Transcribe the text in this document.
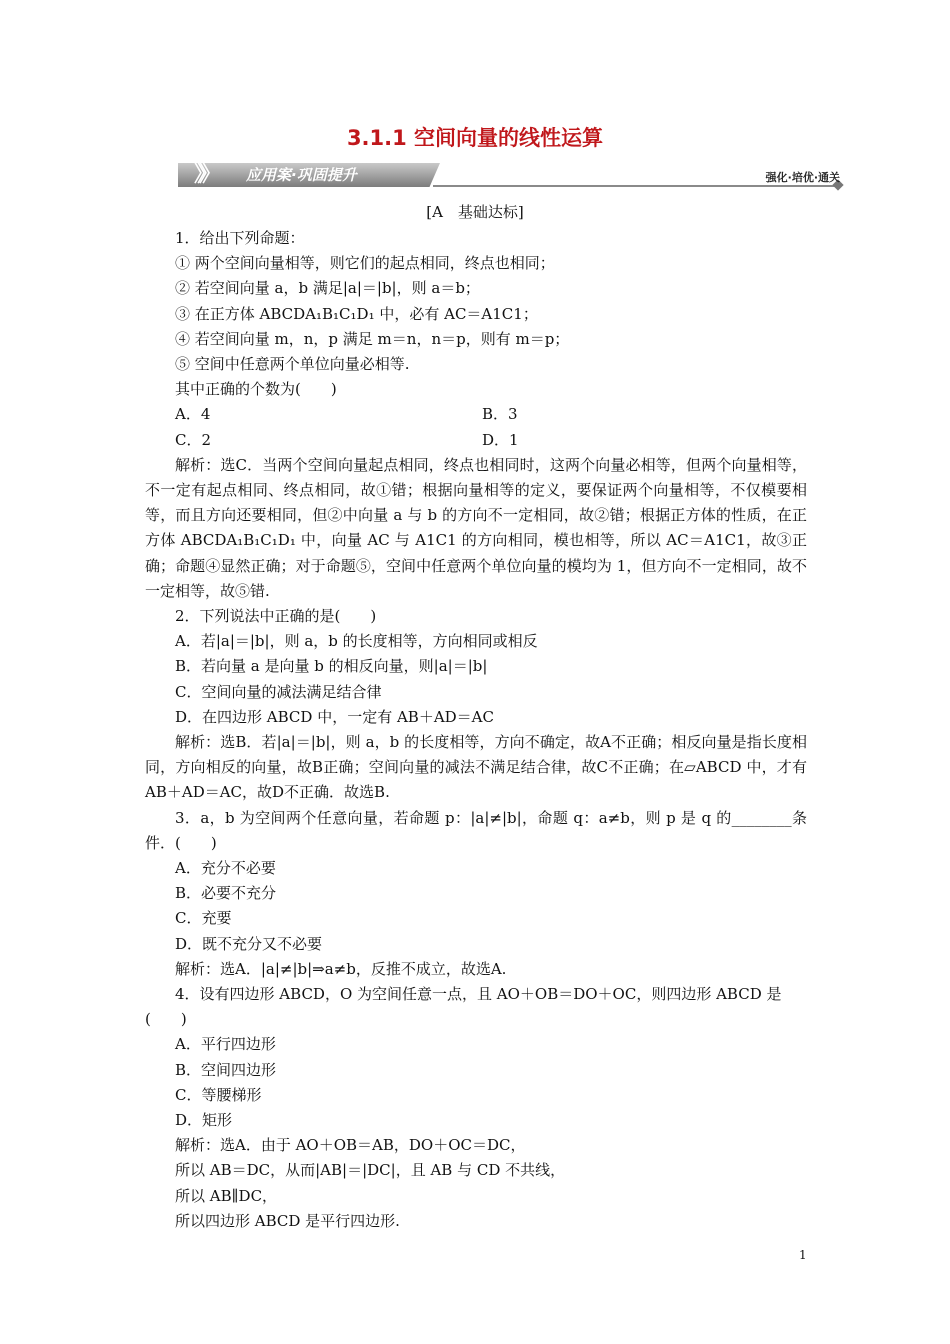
3.1.1 空间向量的线性运算
》》 应用案·巩固提升	强化·培优·通关
[A　基础达标]

1．给出下列命题：

① 两个空间向量相等，则它们的起点相同，终点也相同；

② 若空间向量 a，b 满足|a|＝|b|，则 a＝b；

③ 在正方体 ABCDA₁B₁C₁D₁ 中，必有 AC＝A1C1；

④ 若空间向量 m，n，p 满足 m＝n，n＝p，则有 m＝p；

⑤ 空间中任意两个单位向量必相等.

其中正确的个数为(　　)

A．4	B．3
C．2	D．1

解析：选C．当两个空间向量起点相同，终点也相同时，这两个向量必相等，但两个向量相等，不一定有起点相同、终点相同，故①错；根据向量相等的定义，要保证两个向量相等，不仅模要相等，而且方向还要相同，但②中向量 a 与 b 的方向不一定相同，故②错；根据正方体的性质，在正方体 ABCDA₁B₁C₁D₁ 中，向量 AC 与 A1C1 的方向相同，模也相等，所以 AC＝A1C1，故③正确；命题④显然正确；对于命题⑤，空间中任意两个单位向量的模均为 1，但方向不一定相同，故不一定相等，故⑤错.

2．下列说法中正确的是(　　)

A．若|a|＝|b|，则 a，b 的长度相等，方向相同或相反

B．若向量 a 是向量 b 的相反向量，则|a|＝|b|

C．空间向量的减法满足结合律

D．在四边形 ABCD 中，一定有 AB＋AD＝AC

解析：选B．若|a|＝|b|，则 a，b 的长度相等，方向不确定，故A不正确；相反向量是指长度相同，方向相反的向量，故B正确；空间向量的减法不满足结合律，故C不正确；在▱ABCD 中，才有 AB＋AD＝AC，故D不正确．故选B.

3．a，b 为空间两个任意向量，若命题 p：|a|≠|b|，命题 q：a≠b，则 p 是 q 的________条件．(　　)

A．充分不必要

B．必要不充分

C．充要

D．既不充分又不必要

解析：选A．|a|≠|b|⇒a≠b，反推不成立，故选A.

4．设有四边形 ABCD，O 为空间任意一点，且 AO＋OB＝DO＋OC，则四边形 ABCD 是(　　)

A．平行四边形

B．空间四边形

C．等腰梯形

D．矩形

解析：选A．由于 AO＋OB＝AB，DO＋OC＝DC，

所以 AB＝DC，从而|AB|＝|DC|，且 AB 与 CD 不共线，

所以 AB∥DC，

所以四边形 ABCD 是平行四边形.

1
